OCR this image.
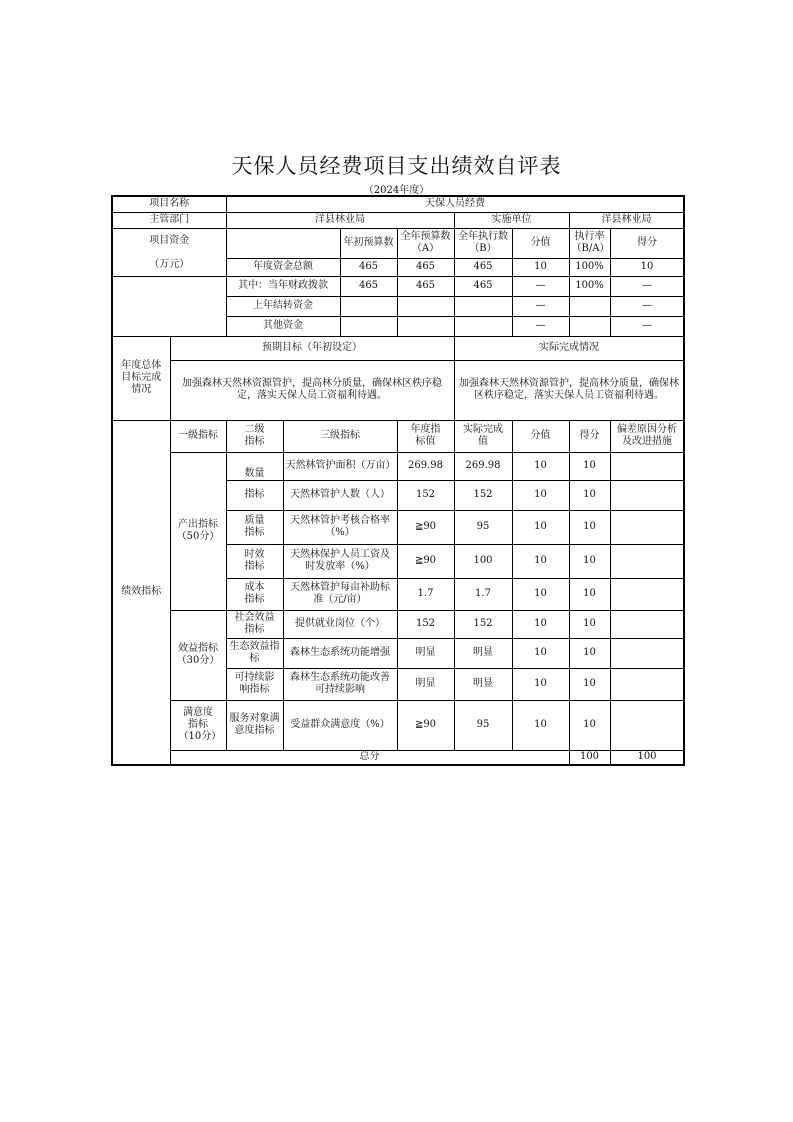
天保人员经费项目支出绩效自评表
（2024年度）
项目名称		天保人员经费								
主管部门		洋县林业局				实施单位		洋县林业局		

项目资金
（万元）				年初预算数	全年预算数（A）	全年执行数（B）	分值	执行率（B/A）	得分	
		年度资金总额		465	465	465	10	100%	10	
		其中：当年财政拨款		465	465	465	—	100%	—	
		上年结转资金					—		—	
		其他资金					—		—	
年度总体目标完成情况	预期目标（年初设定）					实际完成情况				
	加强森林天然林资源管护，提高林分质量，确保林区秩序稳定，落实天保人员工资福利待遇。					加强森林天然林资源管护，提高林分质量，确保林区秩序稳定，落实天保人员工资福利待遇。				
绩效指标	一级指标	二级指标	三级指标		年度指标值	实际完成值	分值	得分	偏差原因分析及改进措施	
	产出指标（50分）	数量	天然林管护面积（万亩）		269.98	269.98	10	10		
		指标	天然林管护人数（人）		152	152	10	10		
		质量指标	天然林管护考核合格率（%）		≧90	95	10	10		
		时效指标	天然林保护人员工资及时发放率（%）		≧90	100	10	10		
		成本指标	天然林管护每亩补助标准（元/亩）		1.7	1.7	10	10		
	效益指标（30分）	社会效益指标	提供就业岗位（个）		152	152	10	10		
		生态效益指标	森林生态系统功能增强		明显	明显	10	10		
		可持续影响指标	森林生态系统功能改善可持续影响		明显	明显	10	10		
	满意度指标（10分）	服务对象满意度指标	受益群众满意度（%）		≧90	95	10	10		
	总分							100	100	
